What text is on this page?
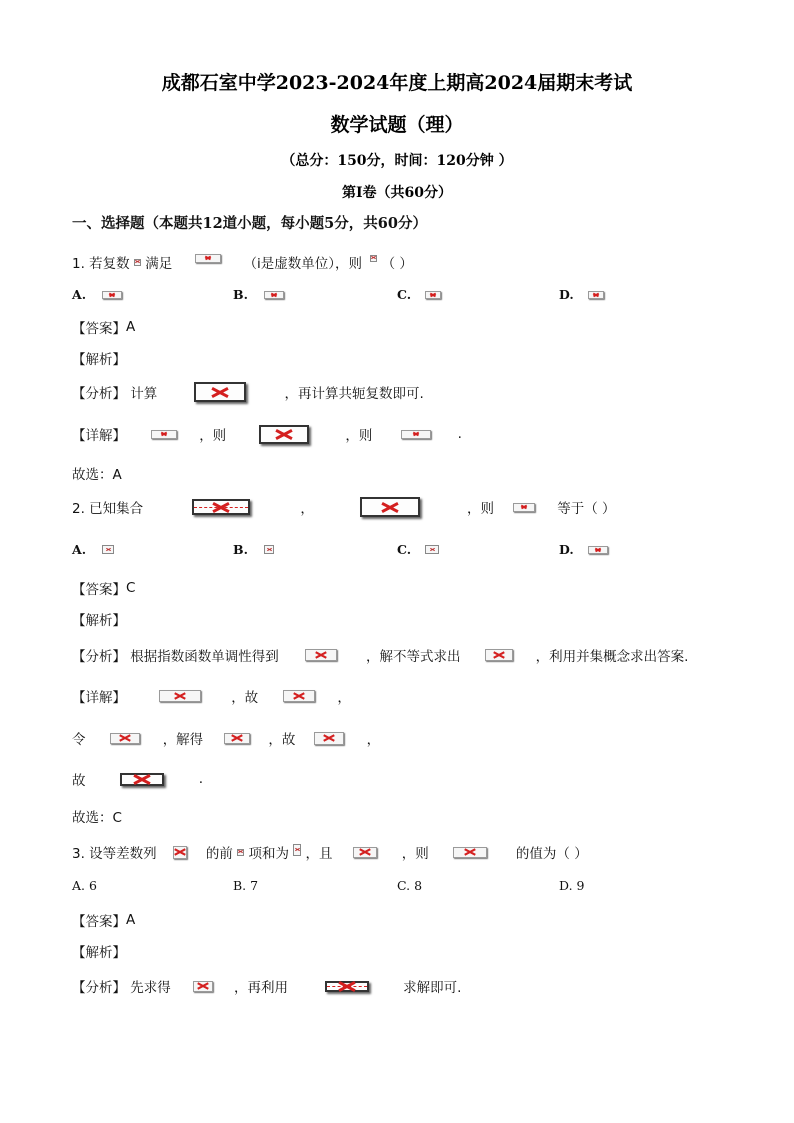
成都石室中学2023-2024年度上期高2024届期末考试
数学试题（理）
（总分：150分，时间：120分钟 ）
第I卷（共60分）
一、选择题（本题共12道小题，每小题5分，共60分）
1. 若复数 满足	（i是虚数单位），则 （ ）
A.	B.	C.	D.
【答案】A
【解析】
【分析】 计算	，再计算共轭复数即可.
【详解】	，则	，则	.
故选：A
2. 已知集合	，	，则	等于（ ）
A.	B.	C.	D.
【答案】C
【解析】
【分析】 根据指数函数单调性得到	，解不等式求出	，利用并集概念求出答案.
【详解】	，故	，
令	，解得	，故	，
故	.
故选：C
3. 设等差数列	的前 项和为 ，且	，则	的值为（ ）
A. 6	B. 7	C. 8	D. 9
【答案】A
【解析】
【分析】 先求得	，再利用	求解即可.
